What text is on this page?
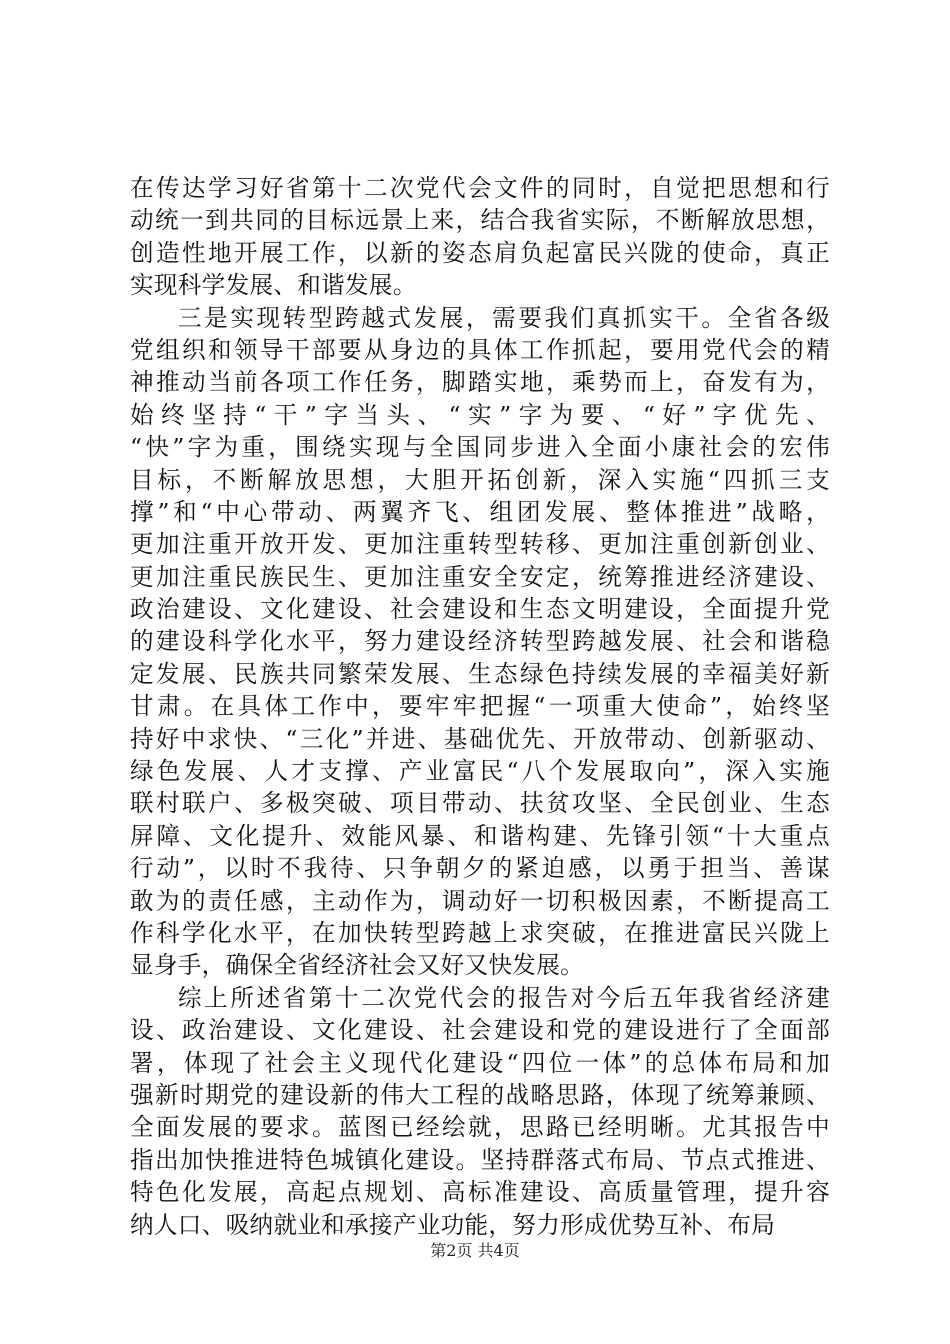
在传达学习好省第十二次党代会文件的同时，自觉把思想和行
动统一到共同的目标远景上来，结合我省实际，不断解放思想，
创造性地开展工作，以新的姿态肩负起富民兴陇的使命，真正
实现科学发展、和谐发展。
三是实现转型跨越式发展，需要我们真抓实干。全省各级
党组织和领导干部要从身边的具体工作抓起，要用党代会的精
神推动当前各项工作任务，脚踏实地，乘势而上，奋发有为，
始终坚持“干”字当头、“实”字为要、“好”字优先、
“快”字为重，围绕实现与全国同步进入全面小康社会的宏伟
目标，不断解放思想，大胆开拓创新，深入实施“四抓三支
撑”和“中心带动、两翼齐飞、组团发展、整体推进”战略，
更加注重开放开发、更加注重转型转移、更加注重创新创业、
更加注重民族民生、更加注重安全安定，统筹推进经济建设、
政治建设、文化建设、社会建设和生态文明建设，全面提升党
的建设科学化水平，努力建设经济转型跨越发展、社会和谐稳
定发展、民族共同繁荣发展、生态绿色持续发展的幸福美好新
甘肃。在具体工作中，要牢牢把握“一项重大使命”，始终坚
持好中求快、“三化”并进、基础优先、开放带动、创新驱动、
绿色发展、人才支撑、产业富民“八个发展取向”，深入实施
联村联户、多极突破、项目带动、扶贫攻坚、全民创业、生态
屏障、文化提升、效能风暴、和谐构建、先锋引领“十大重点
行动”，以时不我待、只争朝夕的紧迫感，以勇于担当、善谋
敢为的责任感，主动作为，调动好一切积极因素，不断提高工
作科学化水平，在加快转型跨越上求突破，在推进富民兴陇上
显身手，确保全省经济社会又好又快发展。
综上所述省第十二次党代会的报告对今后五年我省经济建
设、政治建设、文化建设、社会建设和党的建设进行了全面部
署，体现了社会主义现代化建设“四位一体”的总体布局和加
强新时期党的建设新的伟大工程的战略思路，体现了统筹兼顾、
全面发展的要求。蓝图已经绘就，思路已经明晰。尤其报告中
指出加快推进特色城镇化建设。坚持群落式布局、节点式推进、
特色化发展，高起点规划、高标准建设、高质量管理，提升容
纳人口、吸纳就业和承接产业功能，努力形成优势互补、布局
第2页 共4页
